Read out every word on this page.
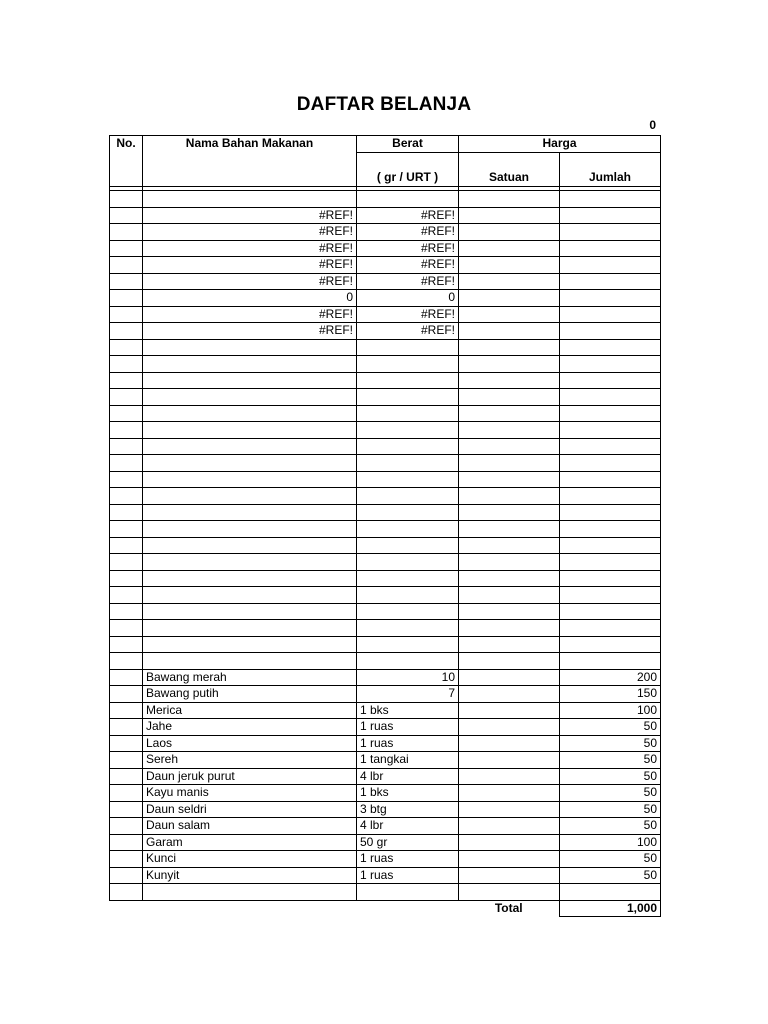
DAFTAR BELANJA
0
No.	Nama Bahan Makanan	Berat	Harga	
		( gr / URT )	Satuan	Jumlah

	#REF!	#REF!		
	#REF!	#REF!		
	#REF!	#REF!		
	#REF!	#REF!		
	#REF!	#REF!		
	0	0		
	#REF!	#REF!		
	#REF!	#REF!		

	Bawang merah	10		200
	Bawang putih	7		150
	Merica	1 bks		100
	Jahe	1 ruas		50
	Laos	1 ruas		50
	Sereh	1 tangkai		50
	Daun jeruk purut	4 lbr		50
	Kayu manis	1 bks		50
	Daun seldri	3 btg		50
	Daun salam	4 lbr		50
	Garam	50 gr		100
	Kunci	1 ruas		50
	Kunyit	1 ruas		50

			Total	1,000
